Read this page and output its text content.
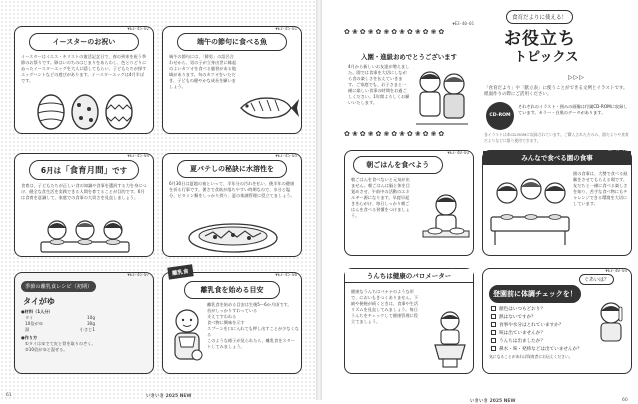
▼E3-45-02
イースターのお祝い
イースターはイエス・キリストの復活記念日で、春の到来を祝う季節のお祭りです。卵はいのちのはじまりをあらわし、色とりどりにぬったイースターエッグを大人に隠してもらい、子どもたちが探すエッグハントなどの遊びがあります。イースターエッグは4月半ばです。
▼E3-45-01
端午の節句に食べる魚
端午の節句には、「勝男」の語呂合わせから、男の子が立身出世に縁起のよいカツオを食べる風習がある地域があります。旬のカツオをいただき、子どもの健やかな成長を願いましょう。
▼E3-45-04
6月は「食育月間」です
食育は、子どもたちが正しい食の知識や食事を選択する力を身につけ、健全な食生活を実践できる人間を育てることが目的です。6月は食育を意識して、家庭での食事の大切さを見直しましょう。
▼E3-45-05
夏バテしの秘訣に水溶性を
6月30日は夏越の祓といって、半年分の汚れを払い、後半年の健康を祈る行事です。暑さで食欲が落ちやすい時期なので、水分と塩分、ビタミン類をしっかり摂り、夏の体調管理に役立てましょう。
▼E3-45-07
季節の離乳食レシピ（初期）
タイがゆ
●材料（1人分）
タイ	10g
10倍がゆ	30g
湯	小さじ1
●作り方
①タイはゆでて皮と骨を取りのぞく。
②10倍がゆと混ぜる。
▼E3-45-06
離乳食を始める目安
離乳食を始める目安は生後5〜6か月頃です。
首がしっかりすわっている
支えてすわれる
食べ物に興味を示す
スプーンを口に入れても押し出すことが少なくなる
このような様子が見られたら、離乳食をスタートしてみましょう。
離乳食
61	いきいき 2025 NEW
▼E3-40-01
✿❀✿❀✿❀✿❀✿❀✿❀✿
入園・進級おめでとうございます
4月から新しいお友達が増えました。園では食事を大切にしながら食の楽しさを伝えていきます。ご家庭でも、お子さまと一緒に楽しい食事の時間をお過ごしください。1年間よろしくお願いいたします。
✿❀✿❀✿❀✿❀✿❀✿❀✿
食育だよりに使える！
お役立ち
トピックス
▷▷▷
「食育だより」や「献立表」に使うことができる文例とイラストです。紙面作りの際にご活用ください。
CD-ROM
それぞれのイラスト・囲みの画像は付属CD-ROMに収録しています。カラー・白黒のデータがあります。
各イラストは本CD-ROMに収録されています。ご購入された方のみ、園だよりや食育だよりなどに限り使用できます。
▼E3-40-03
朝ごはんを食べよう
朝ごはんを食べないと元気が出ません。朝ごはんは脳と体を目覚めさせ、午前中の活動のエネルギー源になります。早寝早起きを心がけ、毎日しっかり朝ごはんを食べる習慣をつけましょう。
みんなで食べる園の食事
園の食事は、大勢で食べる経験をさせてもらえる場です。友だちと一緒に食べる楽しさを知り、苦手な食べ物にもチャレンジできる環境を大切にしています。
うんちは健康のバロメーター
健康なうんちはバナナのような形で、においもきつくありません。下痢や便秘が続くときは、食事や生活リズムを見直してみましょう。毎日うんちをチェックして健康管理に役立てましょう。
▼E3-40-04
ぐあいは？
登園前に体調チェックを！
顔色はいつもどおり？
熱はないですか？
食事や水分はとれていますか？
咳は出ていませんか？
うんちは出ましたか？
鼻水・咳・発疹などは出ていませんか？
気になることがあれば保育者にお伝えください。
いきいき 2025 NEW	60
